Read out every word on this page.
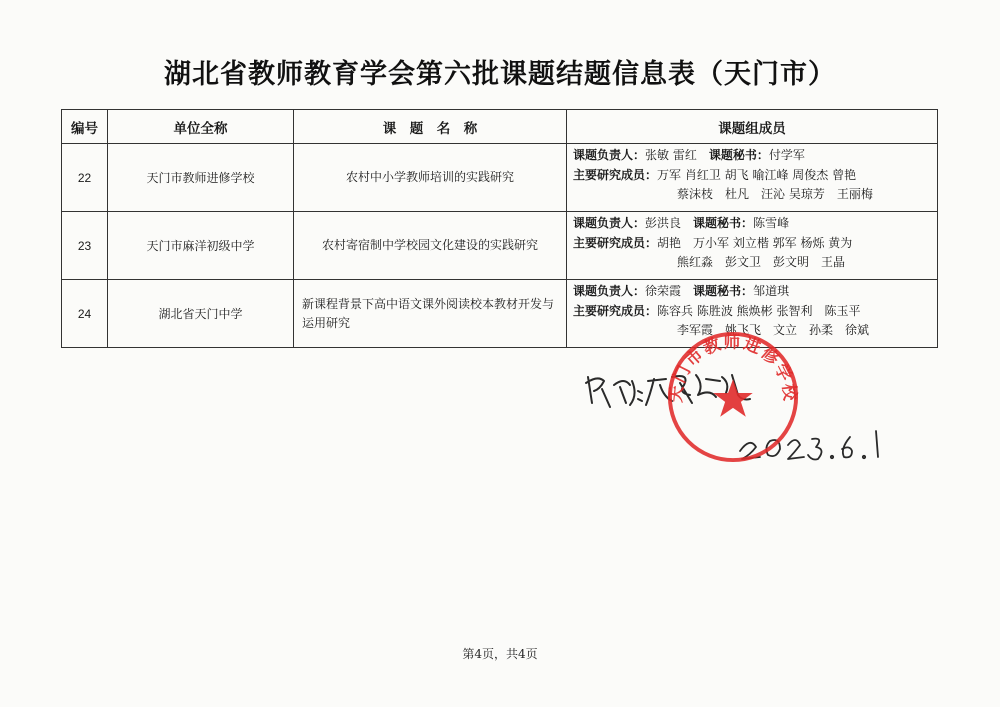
湖北省教师教育学会第六批课题结题信息表（天门市）
编号	单位全称	课　题　名　称	课题组成员
22	天门市教师进修学校	农村中小学教师培训的实践研究	课题负责人：张敏 雷红　 课题秘书：付学军
主要研究成员：万军 肖红卫 胡飞 喻江峰 周俊杰 曾艳
蔡沫枝　杜凡　汪沁 吴琼芳　王丽梅

23	天门市麻洋初级中学	农村寄宿制中学校园文化建设的实践研究	课题负责人：彭洪良　 课题秘书：陈雪峰
主要研究成员：胡艳　万小军 刘立楷 郭军 杨烁 黄为
熊红淼　彭文卫　彭文明　王晶

24	湖北省天门中学	新课程背景下高中语文课外阅读校本教材开发与运用研究	课题负责人：徐荣霞　 课题秘书：邹道琪
主要研究成员：陈容兵 陈胜波 熊焕彬 张智利　陈玉平
李军霞　姚飞飞　文立　孙柔　徐斌
天门市教师进修学校
第4页，共4页
